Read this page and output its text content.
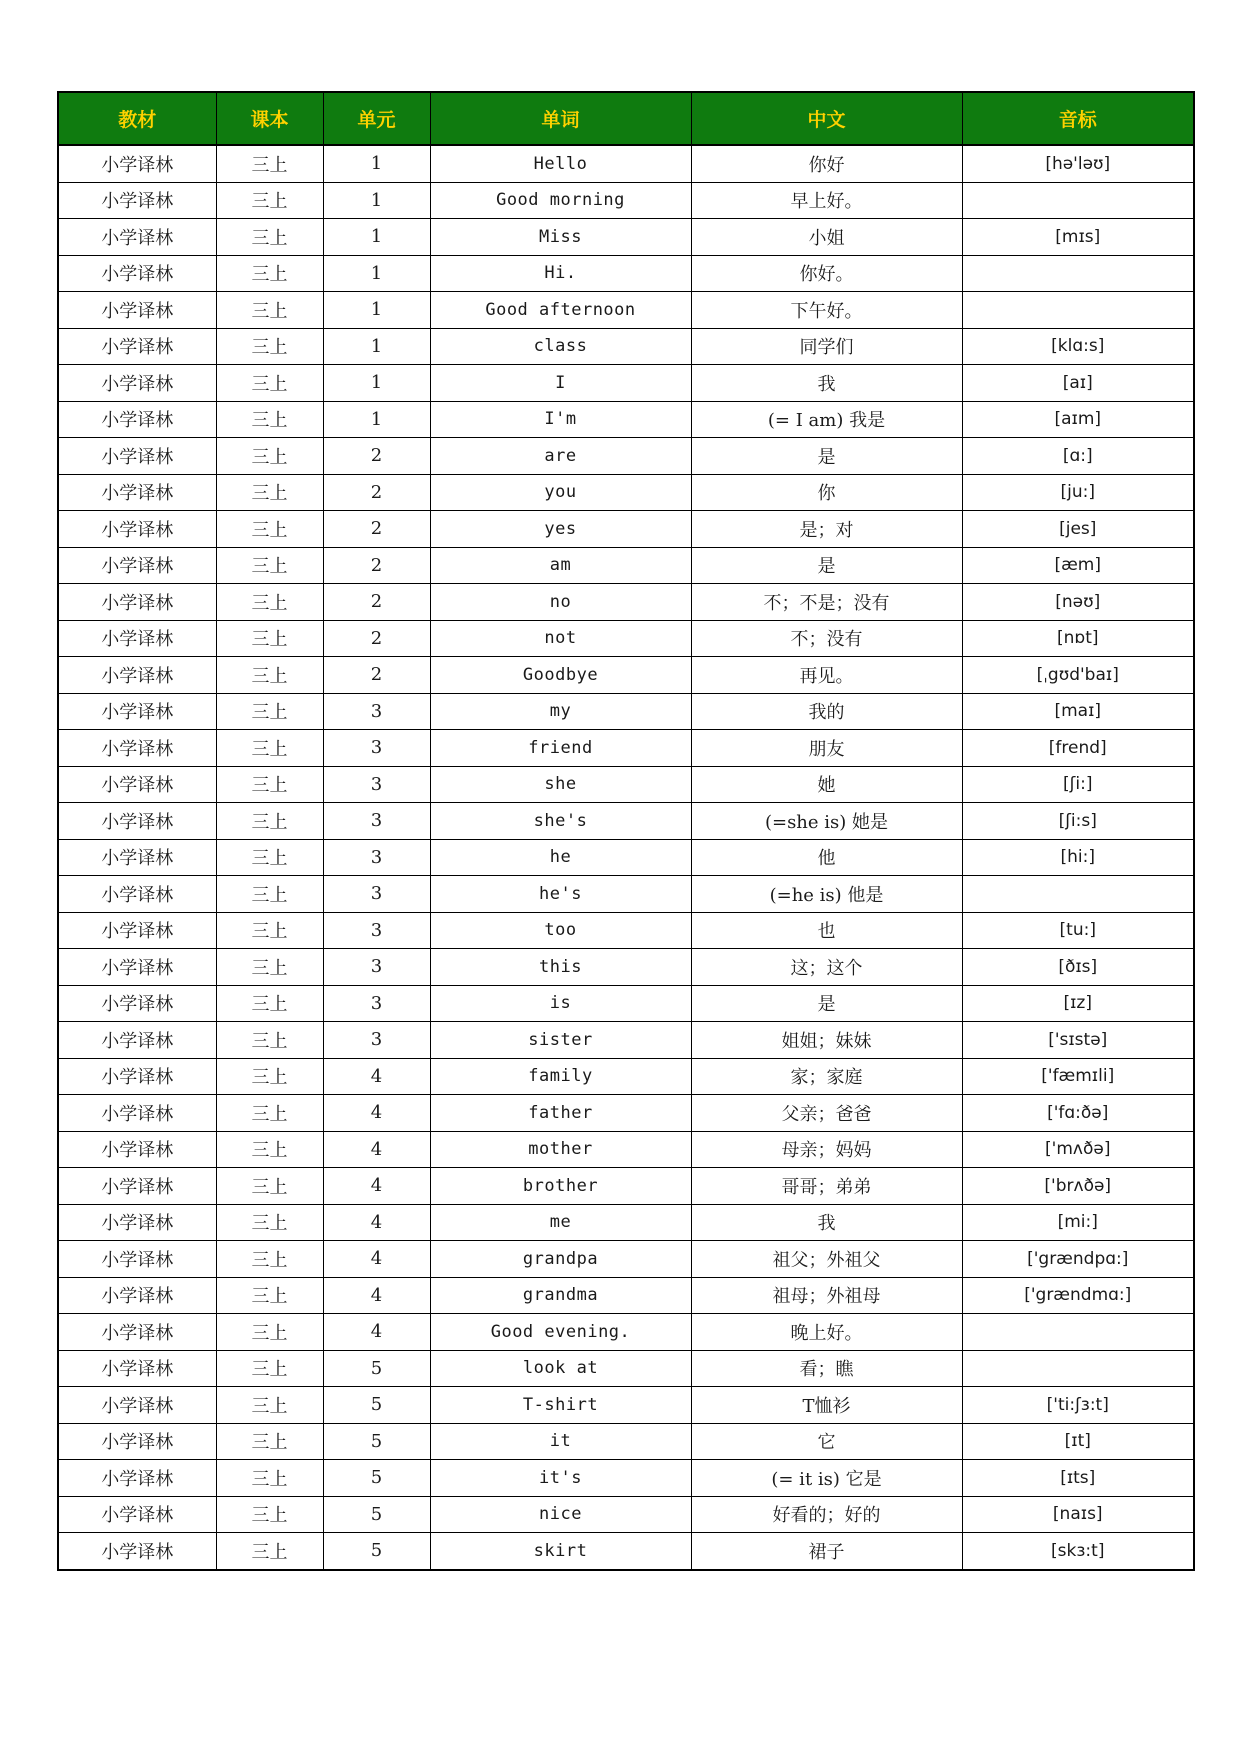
教材	课本	单元	单词	中文	音标
小学译林	三上	1	Hello	你好	[hə'ləʊ]
小学译林	三上	1	Good morning	早上好。	
小学译林	三上	1	Miss	小姐	[mɪs]
小学译林	三上	1	Hi.	你好。	
小学译林	三上	1	Good afternoon	下午好。	
小学译林	三上	1	class	同学们	[klɑ:s]
小学译林	三上	1	I	我	[aɪ]
小学译林	三上	1	I'm	(= I am) 我是	[aɪm]
小学译林	三上	2	are	是	[ɑ:]
小学译林	三上	2	you	你	[ju:]
小学译林	三上	2	yes	是；对	[jes]
小学译林	三上	2	am	是	[æm]
小学译林	三上	2	no	不；不是；没有	[nəʊ]
小学译林	三上	2	not	不；没有	[nɒt]
小学译林	三上	2	Goodbye	再见。	[ˌgʊd'baɪ]
小学译林	三上	3	my	我的	[maɪ]
小学译林	三上	3	friend	朋友	[frend]
小学译林	三上	3	she	她	[ʃi:]
小学译林	三上	3	she's	(=she is) 她是	[ʃi:s]
小学译林	三上	3	he	他	[hi:]
小学译林	三上	3	he's	(=he is) 他是	
小学译林	三上	3	too	也	[tu:]
小学译林	三上	3	this	这；这个	[ðɪs]
小学译林	三上	3	is	是	[ɪz]
小学译林	三上	3	sister	姐姐；妹妹	['sɪstə]
小学译林	三上	4	family	家；家庭	['fæmɪli]
小学译林	三上	4	father	父亲；爸爸	['fɑ:ðə]
小学译林	三上	4	mother	母亲；妈妈	['mʌðə]
小学译林	三上	4	brother	哥哥；弟弟	['brʌðə]
小学译林	三上	4	me	我	[mi:]
小学译林	三上	4	grandpa	祖父；外祖父	['grændpɑ:]
小学译林	三上	4	grandma	祖母；外祖母	['grændmɑ:]
小学译林	三上	4	Good evening.	晚上好。	
小学译林	三上	5	look at	看；瞧	
小学译林	三上	5	T-shirt	T恤衫	['ti:ʃɜ:t]
小学译林	三上	5	it	它	[ɪt]
小学译林	三上	5	it's	(= it is) 它是	[ɪts]
小学译林	三上	5	nice	好看的；好的	[naɪs]
小学译林	三上	5	skirt	裙子	[skɜ:t]
